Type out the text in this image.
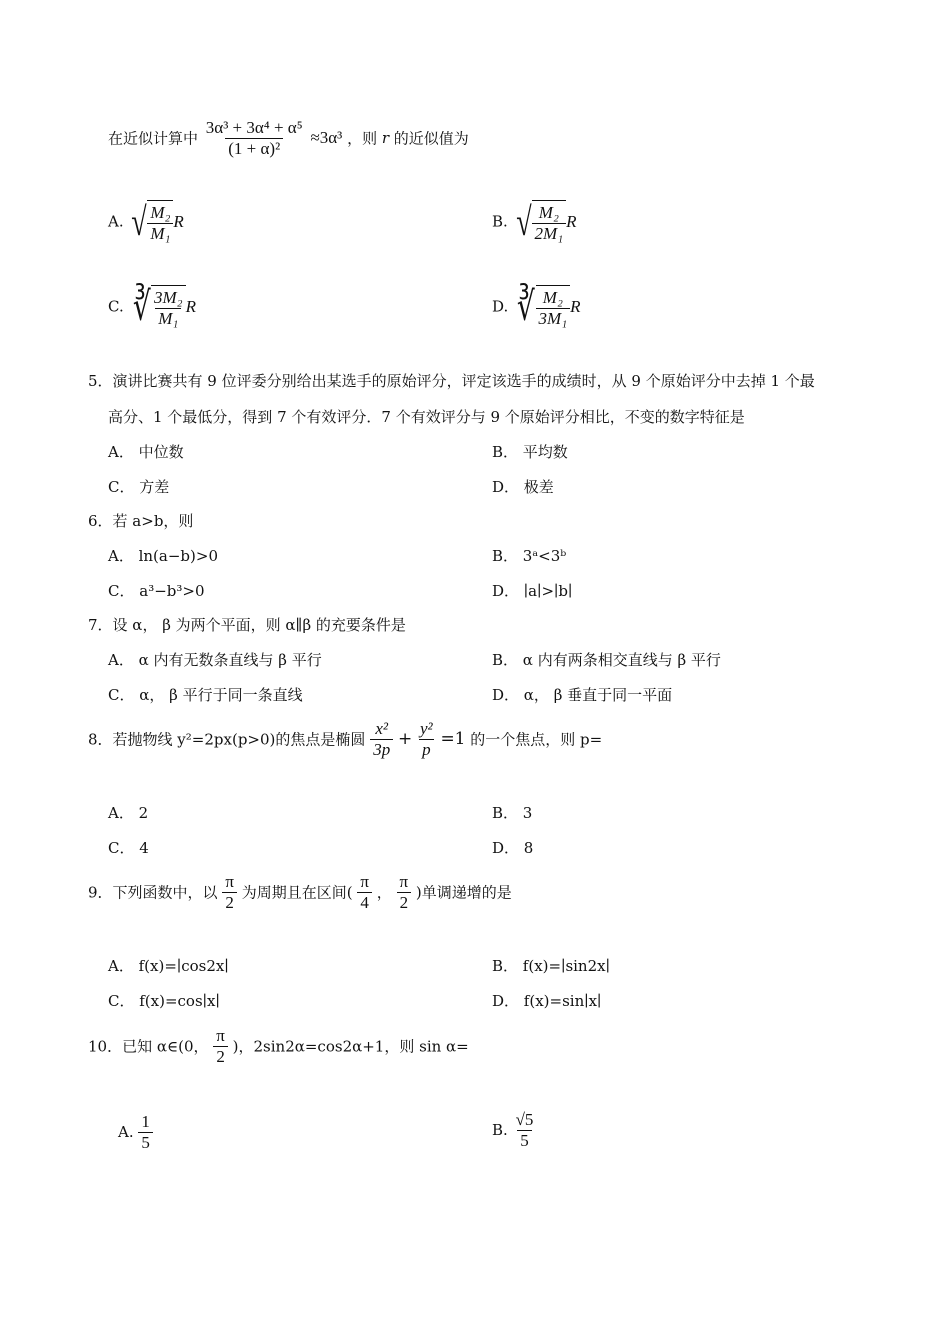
在近似计算中 $\frac{\text{3α³ + 3α⁴ + α⁵}}{\text{(1 + α)²}} \approx 3\alpha^3$ ，则 r 的近似值为
A. √ $\frac{\text{M₂}}{\text{M₁}}$ R	B. √ $\frac{\text{M₂}}{\text{2M₁}}$ R
C. ∛ $\frac{\text{3M₂}}{\text{M₁}}$ R	D. ∛ $\frac{\text{M₂}}{\text{3M₁}}$ R
5．演讲比赛共有 9 位评委分别给出某选手的原始评分，评定该选手的成绩时，从 9 个原始评分中去掉 1 个最
高分、1 个最低分，得到 7 个有效评分．7 个有效评分与 9 个原始评分相比，不变的数字特征是
A． 中位数	B． 平均数
C． 方差	D． 极差
6．若 a>b，则
A． ln(a−b)>0	B． 3ᵃ<3ᵇ
C． a³−b³>0	D． ∣a∣>∣b∣
7．设 α， β 为两个平面，则 α∥β 的充要条件是
A． α 内有无数条直线与 β 平行	B． α 内有两条相交直线与 β 平行
C． α， β 平行于同一条直线	D． α， β 垂直于同一平面
8．若抛物线 y²=2px(p>0)的焦点是椭圆 $\frac{\text{x²}}{3p} + \frac{\text{y²}}{p} =1$ 的一个焦点，则 p=
A． 2	B． 3
C． 4	D． 8
9．下列函数中，以 $\frac{\pi}{2}$ 为周期且在区间( $\frac{\pi}{4}$ ， $\frac{\pi}{2}$ )单调递增的是
A． f(x)=∣cos2x∣	B． f(x)=∣sin2x∣
C． f(x)=cos∣x∣	D． f(x)=sin∣x∣
10．已知 α∈(0， $\frac{\pi}{2}$ )，2sin2α=cos2α+1，则 sin α=
A. $\frac{1}{5}$	B. $\frac{√5}{5}$
